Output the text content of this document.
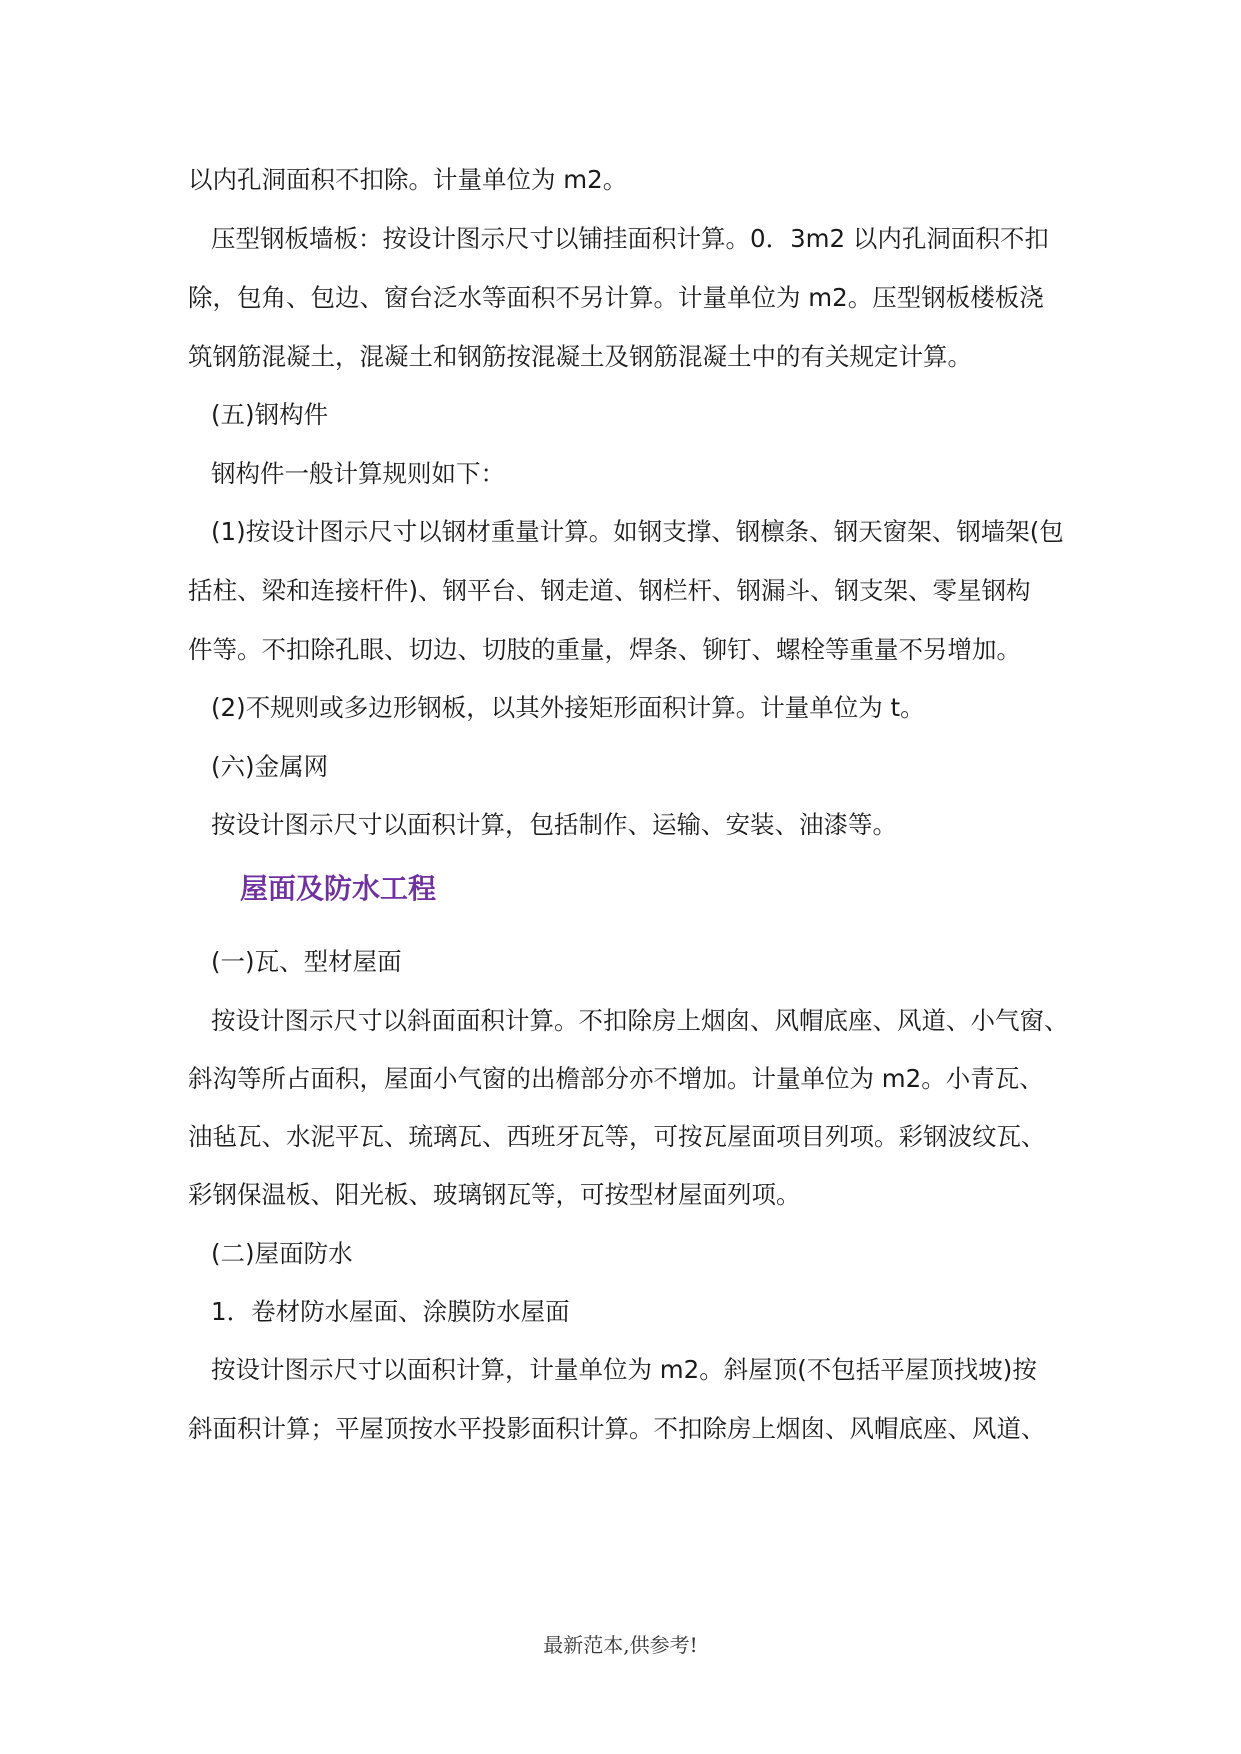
以内孔洞面积不扣除。计量单位为 m2。
压型钢板墙板：按设计图示尺寸以铺挂面积计算。0．3m2 以内孔洞面积不扣
除，包角、包边、窗台泛水等面积不另计算。计量单位为 m2。压型钢板楼板浇
筑钢筋混凝土，混凝土和钢筋按混凝土及钢筋混凝土中的有关规定计算。
(五)钢构件
钢构件一般计算规则如下：
(1)按设计图示尺寸以钢材重量计算。如钢支撑、钢檩条、钢天窗架、钢墙架(包
括柱、梁和连接杆件)、钢平台、钢走道、钢栏杆、钢漏斗、钢支架、零星钢构
件等。不扣除孔眼、切边、切肢的重量，焊条、铆钉、螺栓等重量不另增加。
(2)不规则或多边形钢板，以其外接矩形面积计算。计量单位为 t。
(六)金属网
按设计图示尺寸以面积计算，包括制作、运输、安装、油漆等。
屋面及防水工程
(一)瓦、型材屋面
按设计图示尺寸以斜面面积计算。不扣除房上烟囱、风帽底座、风道、小气窗、
斜沟等所占面积，屋面小气窗的出檐部分亦不增加。计量单位为 m2。小青瓦、
油毡瓦、水泥平瓦、琉璃瓦、西班牙瓦等，可按瓦屋面项目列项。彩钢波纹瓦、
彩钢保温板、阳光板、玻璃钢瓦等，可按型材屋面列项。
(二)屋面防水
1．卷材防水屋面、涂膜防水屋面
按设计图示尺寸以面积计算，计量单位为 m2。斜屋顶(不包括平屋顶找坡)按
斜面积计算；平屋顶按水平投影面积计算。不扣除房上烟囱、风帽底座、风道、
最新范本,供参考!
